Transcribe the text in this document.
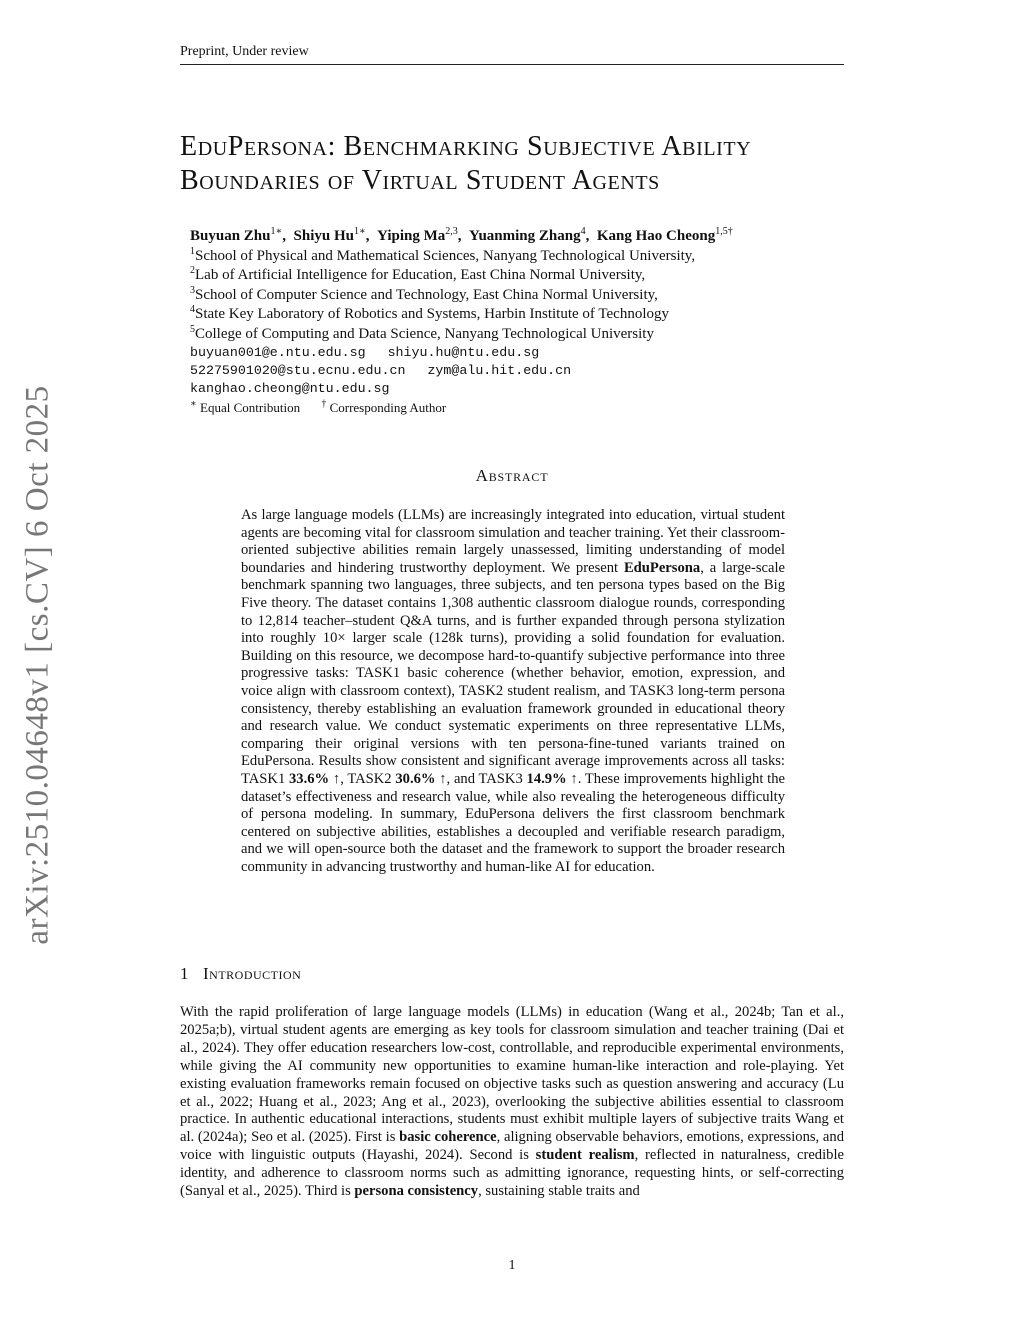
Preprint, Under review
arXiv:2510.04648v1 [cs.CV] 6 Oct 2025
EduPersona: Benchmarking Subjective Ability
Boundaries of Virtual Student Agents
Buyuan Zhu$^{1∗}$,  Shiyu $Hu^{1∗}$,  Yiping Ma$^{2,3}$,  Yuanming Zhang$^4$,  Kang Hao Cheong$^{1,5\dagger}$
$^1$School of Physical and Mathematical Sciences, Nanyang Technological University,
$^2$Lab of Artificial Intelligence for Education, East China Normal University,
$^3$School of Computer Science and Technology, East China Normal University,
$^4$State Key Laboratory of Robotics and Systems, Harbin Institute of Technology
$^5$College of Computing and Data Science, Nanyang Technological University
buyuan001@e.ntu.edu.sg shiyu.hu@ntu.edu.sg
52275901020@stu.ecnu.edu.cn zym@alu.hit.edu.cn
kanghao.cheong@ntu.edu.sg
∗ Equal Contribution † Corresponding Author
Abstract
As large language models (LLMs) are increasingly integrated into education, virtual student agents are becoming vital for classroom simulation and teacher training. Yet their classroom-oriented subjective abilities remain largely unassessed, limiting understanding of model boundaries and hindering trustworthy deployment. We present EduPersona, a large-scale benchmark spanning two languages, three subjects, and ten persona types based on the Big Five theory. The dataset contains 1,308 authentic classroom dialogue rounds, corresponding to 12,814 teacher–student Q&A turns, and is further expanded through persona stylization into roughly 10× larger scale (128k turns), providing a solid foundation for evaluation. Building on this resource, we decompose hard-to-quantify subjective performance into three progressive tasks: TASK1 basic coherence (whether behavior, emotion, expression, and voice align with classroom context), TASK2 student realism, and TASK3 long-term persona consistency, thereby establishing an evaluation framework grounded in educational theory and research value. We conduct systematic experiments on three representative LLMs, comparing their original versions with ten persona-fine-tuned variants trained on EduPersona. Results show consistent and significant average improvements across all tasks: TASK1 33.6% ↑, TASK2 30.6% ↑, and TASK3 14.9% ↑. These improvements highlight the dataset’s effectiveness and research value, while also revealing the heterogeneous difficulty of persona modeling. In summary, EduPersona delivers the first classroom benchmark centered on subjective abilities, establishes a decoupled and verifiable research paradigm, and we will open-source both the dataset and the framework to support the broader research community in advancing trustworthy and human-like AI for education.
1 Introduction
With the rapid proliferation of large language models (LLMs) in education (Wang et al., 2024b; Tan et al., 2025a;b), virtual student agents are emerging as key tools for classroom simulation and teacher training (Dai et al., 2024). They offer education researchers low-cost, controllable, and reproducible experimental environments, while giving the AI community new opportunities to examine human-like interaction and role-playing. Yet existing evaluation frameworks remain focused on objective tasks such as question answering and accuracy (Lu et al., 2022; Huang et al., 2023; Ang et al., 2023), overlooking the subjective abilities essential to classroom practice. In authentic educational interactions, students must exhibit multiple layers of subjective traits Wang et al. (2024a); Seo et al. (2025). First is basic coherence, aligning observable behaviors, emotions, expressions, and voice with linguistic outputs (Hayashi, 2024). Second is student realism, reflected in naturalness, credible identity, and adherence to classroom norms such as admitting ignorance, requesting hints, or self-correcting (Sanyal et al., 2025). Third is persona consistency, sustaining stable traits and
1
